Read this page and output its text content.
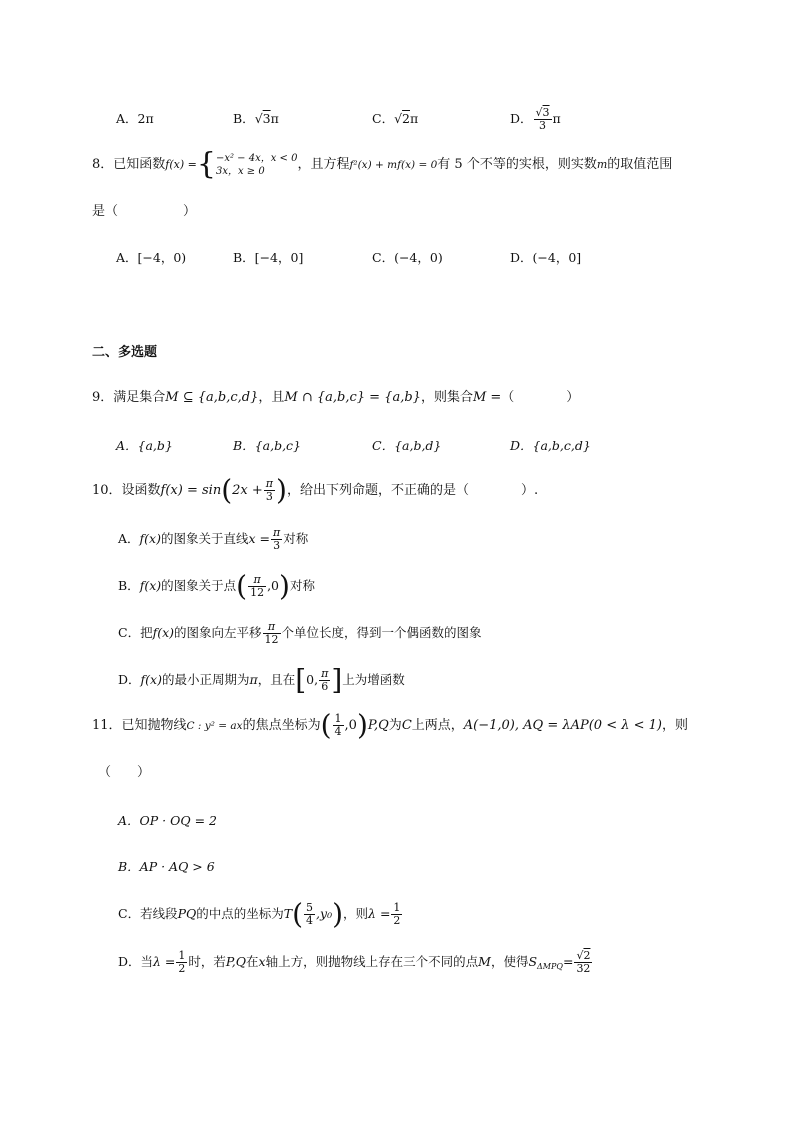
A．2π	B．√3π	C．√2π	D． $\frac{√3}{3}$ π
8．已知函数f(x) ={ −x² − 4x，x < 0
3x，x ≥ 0	，且方程f²(x) + mf(x) = 0有 5 个不等的实根，则实数m的取值范围
是（　　　　　）
A．[−4，0)	B．[−4，0]	C．(−4，0)	D．(−4，0]
二、多选题
9．满足集合M ⊆ {a,b,c,d}，且M ∩ {a,b,c} = {a,b}，则集合M =（　　　　）
A．{a,b}	B．{a,b,c}	C．{a,b,d}	D．{a,b,c,d}
10．设函数$f(x) = \sin(2x + \frac{\pi}{3}$ )，给出下列命题，不正确的是（　　　　）.
A．f(x)的图象关于直线$x = \frac{\pi}{3}$ 对称
B．f(x)的图象关于点( $\frac{\pi}{12} ,0$)对称
C．把f(x)的图象向左平移 $\frac{\pi}{12}$ 个单位长度，得到一个偶函数的图象
D．f(x)的最小正周期为π，且在[0, $\frac{\pi}{6}$ ]上为增函数
11．已知抛物线C : y² = ax的焦点坐标为( $\frac{1}{4} ,0)P,Q$为C上两点，A(−1,0), AQ = λAP(0 < λ < 1)，则
（　　）
A．OP · OQ = 2
B．AP · AQ > 6
C．若线段PQ的中点的坐标为$T( \frac{5}{4} ,y_0)$，则$\lambda = \frac{1}{2}$
D．当$\lambda = \frac{1}{2}$ 时，若P,Q在x轴上方，则抛物线上存在三个不同的点M，使得$S_{\Delta MPQ}= \frac{√2}{32}$
